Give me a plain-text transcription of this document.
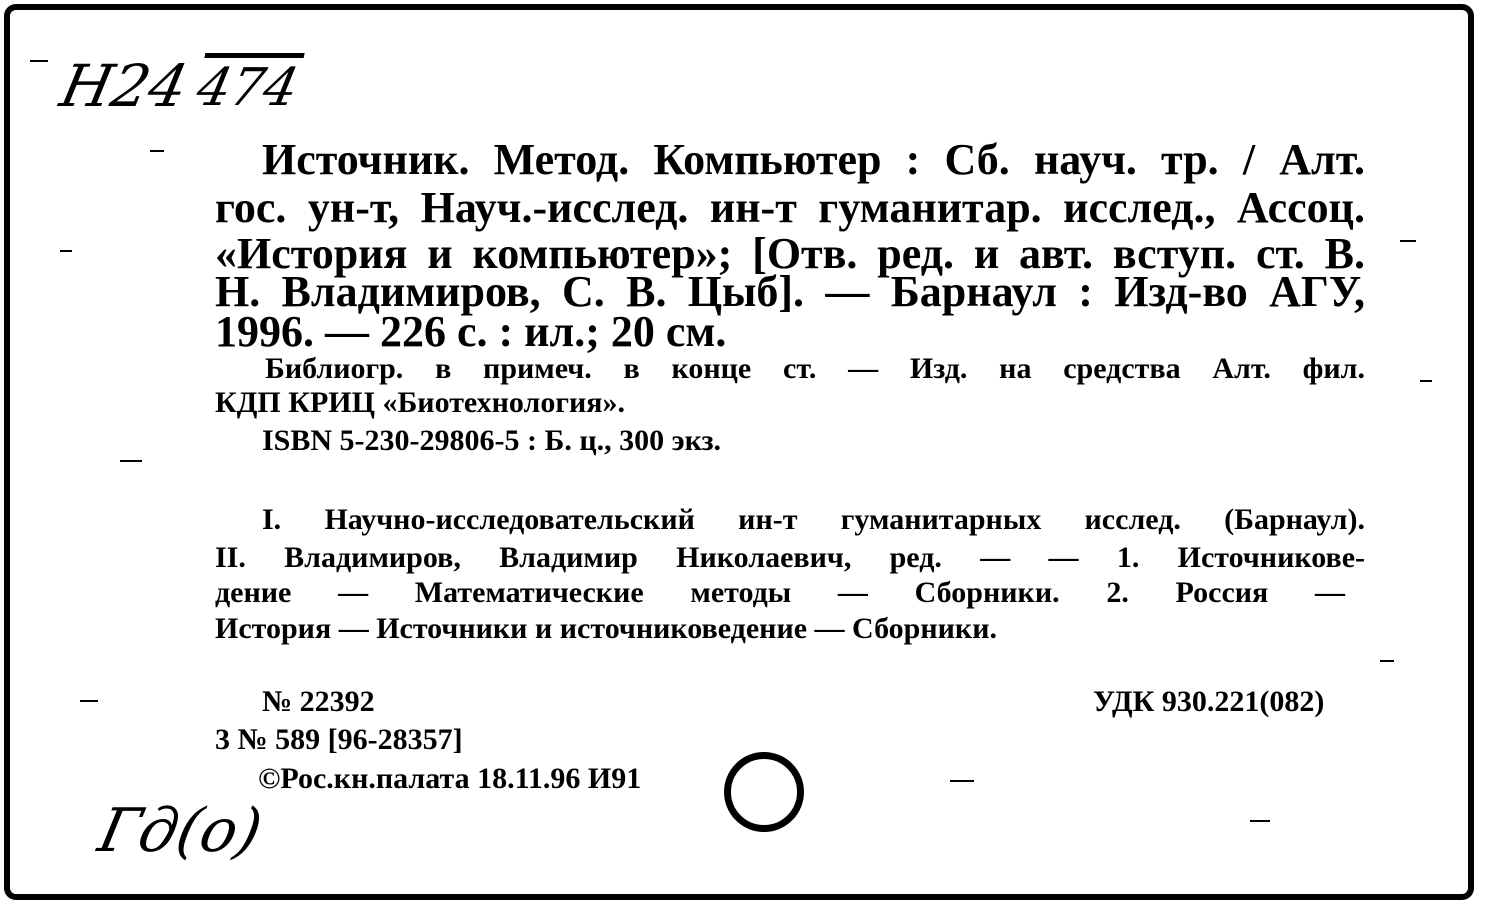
Н24
474
Гд(о)
Источник. Метод. Компьютер : Сб. науч. тр. / Алт.
гос. ун-т, Науч.-исслед. ин-т гуманитар. исслед., Ассоц.
«История и компьютер»; [Отв. ред. и авт. вступ. ст. В.
Н. Владимиров, С. В. Цыб]. — Барнаул : Изд-во АГУ,
1996. — 226 с. : ил.; 20 см.
Библиогр. в примеч. в конце ст. — Изд. на средства Алт. фил.
КДП КРИЦ «Биотехнология».
ISBN 5-230-29806-5 : Б. ц., 300 экз.
I. Научно-исследовательский ин-т гуманитарных исслед. (Барнаул).
II. Владимиров, Владимир Николаевич, ред. — — 1. Источникове-
дение — Математические методы — Сборники. 2. Россия —
История — Источники и источниковедение — Сборники.
№ 22392	УДК 930.221(082)
3 № 589 [96-28357]
©Рос.кн.палата 18.11.96 И91
